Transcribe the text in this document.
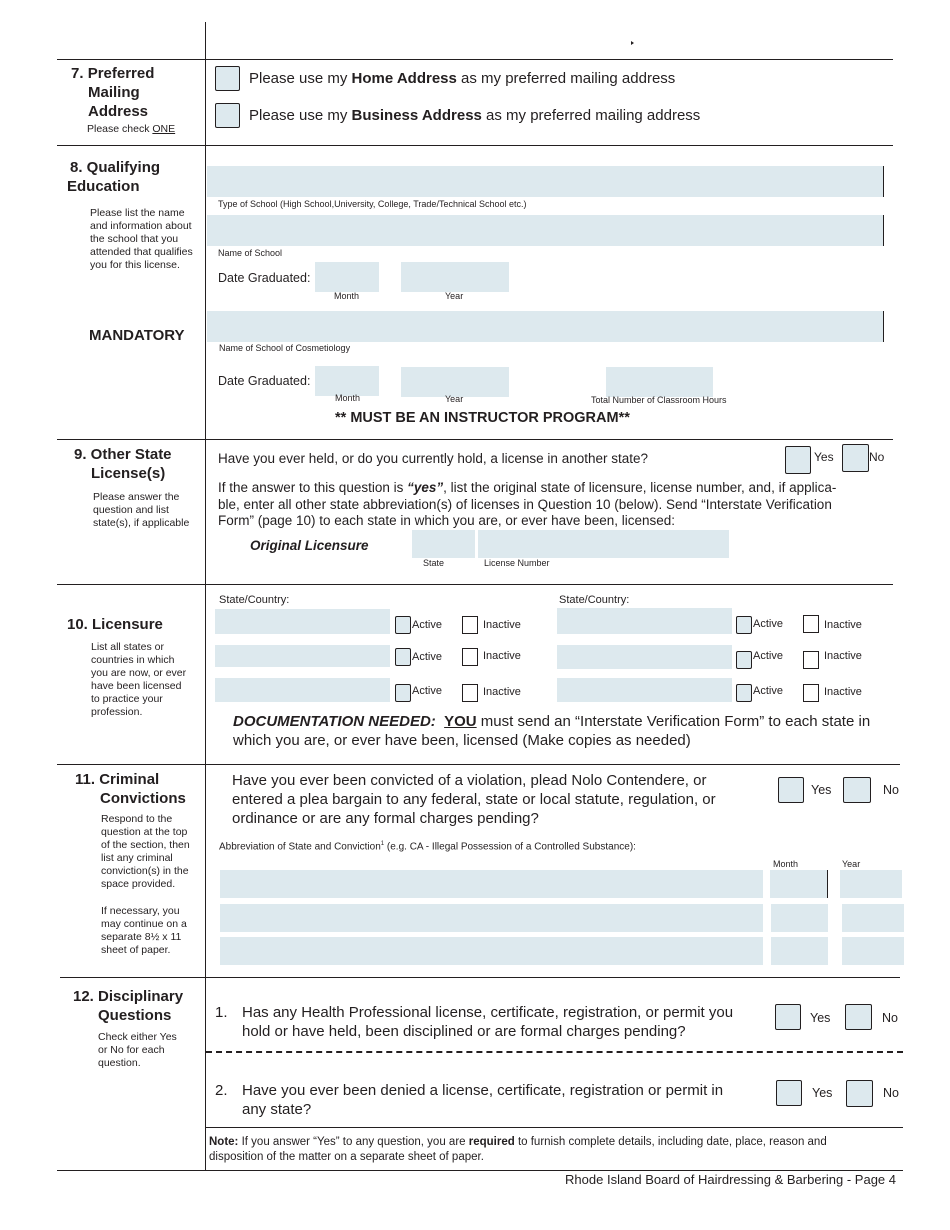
7. Preferred
Mailing
Address
Please check ONE
Please use my Home Address as my preferred mailing address
Please use my Business Address as my preferred mailing address
8. Qualifying
Education
Please list the name
and information about
the school that you
attended that qualifies
you for this license.
MANDATORY
Type of School (High School,University, College, Trade/Technical School etc.)
Name of School
Date Graduated:
Month	Year
Name of School of Cosmetiology
Date Graduated:
Month	Year	Total Number of Classroom Hours
** MUST BE AN INSTRUCTOR PROGRAM**
9. Other State
License(s)
Please answer the
question and list
state(s), if applicable
Have you ever held, or do you currently hold, a license in another state?	Yes	No
If the answer to this question is “yes”, list the original state of licensure, license number, and, if applica-
ble, enter all other state abbreviation(s) of licenses in Question 10 (below). Send “Interstate Verification
Form” (page 10) to each state in which you are, or ever have been, licensed:
Original Licensure
State	License Number
10. Licensure
List all states or
countries in which
you are now, or ever
have been licensed
to practice your
profession.
State/Country:	State/Country:
Active	Inactive	Active	Inactive
Active	Inactive	Active	Inactive
Active	Inactive	Active	Inactive
DOCUMENTATION NEEDED: YOU must send an “Interstate Verification Form” to each state in
which you are, or ever have been, licensed (Make copies as needed)
11. Criminal
Convictions
Respond to the
question at the top
of the section, then
list any criminal
conviction(s) in the
space provided.
If necessary, you
may continue on a
separate 8½ x 11
sheet of paper.
Have you ever been convicted of a violation, plead Nolo Contendere, or
entered a plea bargain to any federal, state or local statute, regulation, or
ordinance or are any formal charges pending?
Yes	No
Abbreviation of State and Conviction$^1$ (e.g. CA - Illegal Possession of a Controlled Substance):
Month	Year
12. Disciplinary
Questions
Check either Yes
or No for each
question.
1. Has any Health Professional license, certificate, registration, or permit you
hold or have held, been disciplined or are formal charges pending?
Yes	No
2. Have you ever been denied a license, certificate, registration or permit in
any state?
Yes	No
Note: If you answer “Yes” to any question, you are required to furnish complete details, including date, place, reason and
disposition of the matter on a separate sheet of paper.
Rhode Island Board of Hairdressing & Barbering - Page 4
